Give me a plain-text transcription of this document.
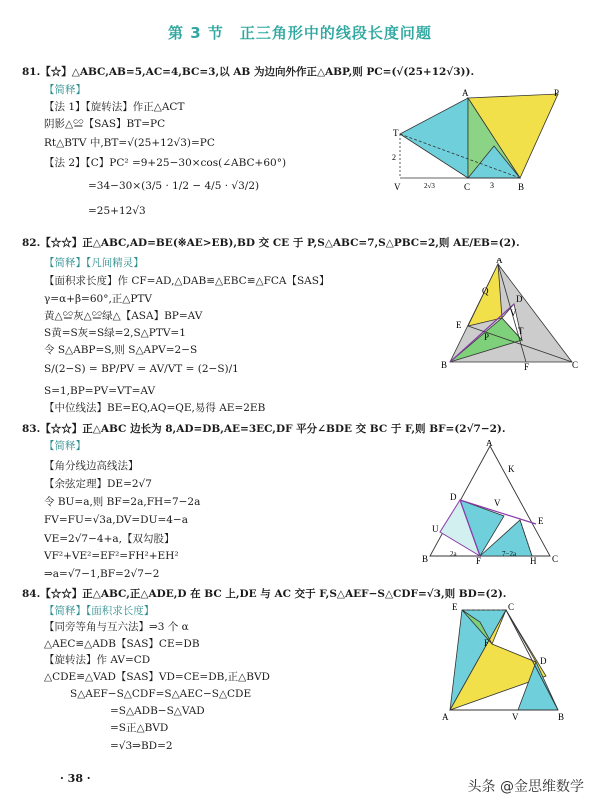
第 3 节　正三角形中的线段长度问题
81.【☆】△ABC,AB=5,AC=4,BC=3,以 AB 为边向外作正△ABP,则 PC=(√(25+12√3)).
【简释】
【法 1】【旋转法】作正△ACT
阴影△≌【SAS】BT=PC
Rt△BTV 中,BT=√(25+12√3)=PC
【法 2】【C】PC² =9+25−30×cos(∠ABC+60°)
=34−30×(3/5 · 1/2 − 4/5 · √3/2)
=25+12√3
A	P
T
V	C	B
3
2
2√3
82.【☆☆】正△ABC,AD=BE(※AE>EB),BD 交 CE 于 P,S△ABC=7,S△PBC=2,则 AE/EB=(2).
【简释】【凡间精灵】
【面积求长度】作 CF=AD,△DAB≌△EBC≌△FCA【SAS】
γ=α+β=60°,正△PTV
黄△≌灰△≌绿△【ASA】BP=AV
S黄=S灰=S绿=2,S△PTV=1
令 S△ABP=S,则 S△APV=2−S
S/(2−S) = BP/PV = AV/VT = (2−S)/1
S=1,BP=PV=VT=AV
【中位线法】BE=EQ,AQ=QE,易得 AE=2EB
A
B	C
E
D
F
Q
P
T
V
83.【☆☆】正△ABC 边长为 8,AD=DB,AE=3EC,DF 平分∠BDE 交 BC 于 F,则 BF=(2√7−2).
【简释】
【角分线边高线法】
【余弦定理】DE=2√7
令 BU=a,则 BF=2a,FH=7−2a
FV=FU=√3a,DV=DU=4−a
VE=2√7−4+a,【双勾股】
VF²+VE²=EF²=FH²+EH²
⇒a=√7−1,BF=2√7−2
A
B	C
D
E
F	H
U
V
K
2a	7−2a
84.【☆☆】正△ABC,正△ADE,D 在 BC 上,DE 与 AC 交于 F,S△AEF−S△CDF=√3,则 BD=(2).
【简释】【面积求长度】
【同旁等角与互六法】⇒3 个 α
△AEC≌△ADB【SAS】CE=DB
【旋转法】作 AV=CD
△CDE≌△VAD【SAS】VD=CE=DB,正△BVD
S△AEF−S△CDF=S△AEC−S△CDE
=S△ADB−S△VAD
=S正△BVD
=√3⇒BD=2
E	C
F
D
A	B
V
· 38 ·
头条 @金思维数学
